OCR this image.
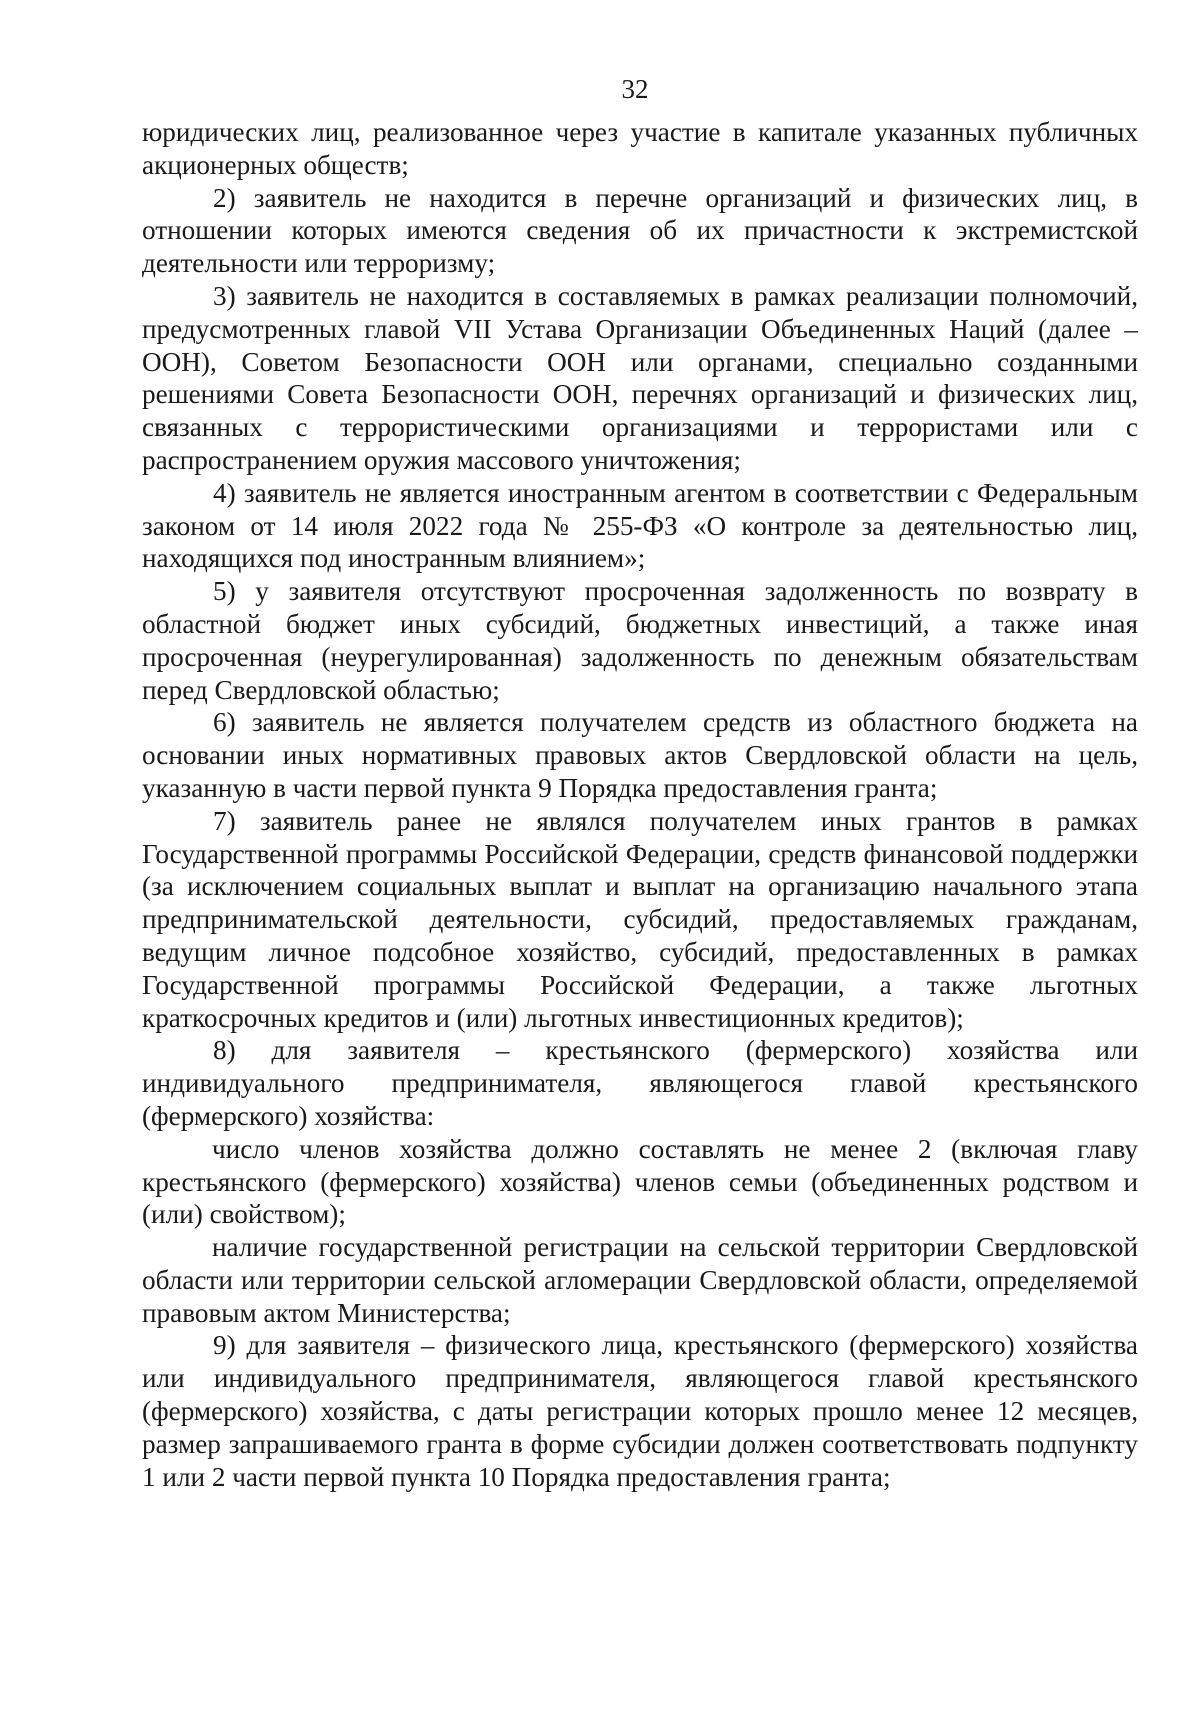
32

юридических лиц, реализованное через участие в капитале указанных публичных акционерных обществ;

2) заявитель не находится в перечне организаций и физических лиц, в отношении которых имеются сведения об их причастности к экстремистской деятельности или терроризму;

3) заявитель не находится в составляемых в рамках реализации полномочий, предусмотренных главой VII Устава Организации Объединенных Наций (далее – ООН), Советом Безопасности ООН или органами, специально созданными решениями Совета Безопасности ООН, перечнях организаций и физических лиц, связанных с террористическими организациями и террористами или с распространением оружия массового уничтожения;

4) заявитель не является иностранным агентом в соответствии с Федеральным законом от 14 июля 2022 года № 255-ФЗ «О контроле за деятельностью лиц, находящихся под иностранным влиянием»;

5) у заявителя отсутствуют просроченная задолженность по возврату в областной бюджет иных субсидий, бюджетных инвестиций, а также иная просроченная (неурегулированная) задолженность по денежным обязательствам перед Свердловской областью;

6) заявитель не является получателем средств из областного бюджета на основании иных нормативных правовых актов Свердловской области на цель, указанную в части первой пункта 9 Порядка предоставления гранта;

7) заявитель ранее не являлся получателем иных грантов в рамках Государственной программы Российской Федерации, средств финансовой поддержки (за исключением социальных выплат и выплат на организацию начального этапа предпринимательской деятельности, субсидий, предоставляемых гражданам, ведущим личное подсобное хозяйство, субсидий, предоставленных в рамках Государственной программы Российской Федерации, а также льготных краткосрочных кредитов и (или) льготных инвестиционных кредитов);

8) для заявителя – крестьянского (фермерского) хозяйства или индивидуального предпринимателя, являющегося главой крестьянского (фермерского) хозяйства:

число членов хозяйства должно составлять не менее 2 (включая главу крестьянского (фермерского) хозяйства) членов семьи (объединенных родством и (или) свойством);

наличие государственной регистрации на сельской территории Свердловской области или территории сельской агломерации Свердловской области, определяемой правовым актом Министерства;

9) для заявителя – физического лица, крестьянского (фермерского) хозяйства или индивидуального предпринимателя, являющегося главой крестьянского (фермерского) хозяйства, с даты регистрации которых прошло менее 12 месяцев, размер запрашиваемого гранта в форме субсидии должен соответствовать подпункту 1 или 2 части первой пункта 10 Порядка предоставления гранта;
